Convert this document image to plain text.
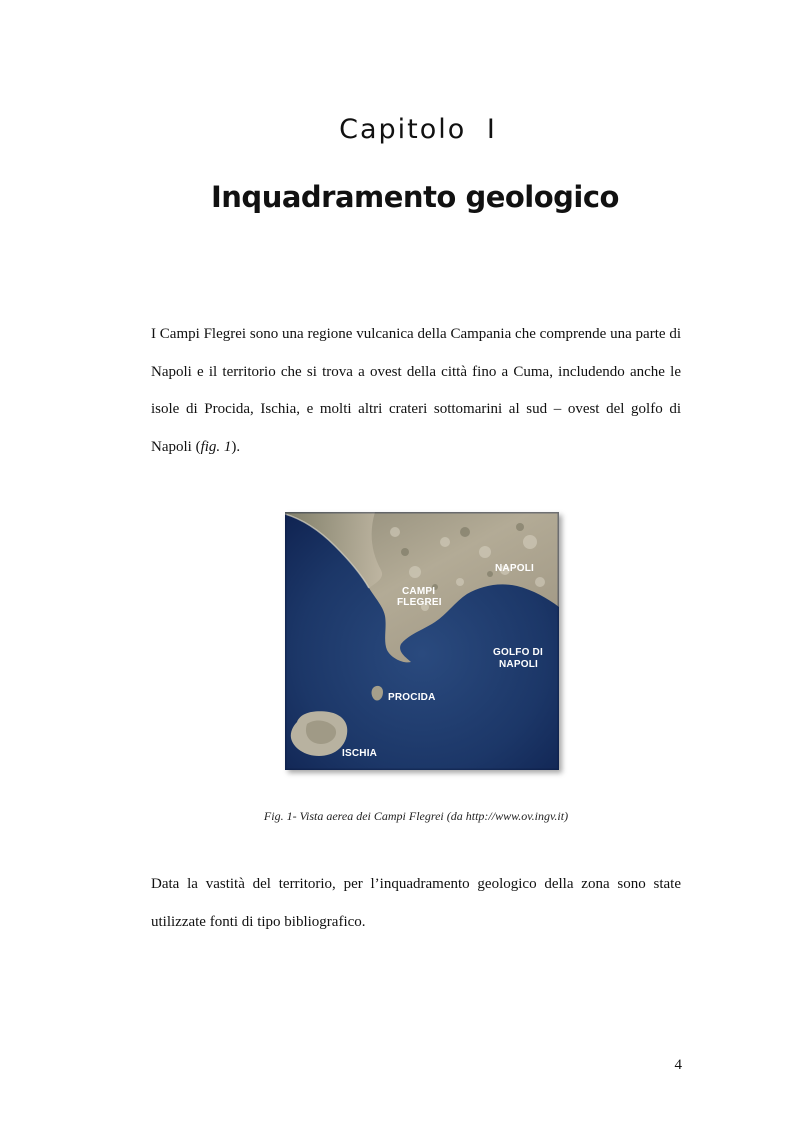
Capitolo I
Inquadramento geologico

I Campi Flegrei sono una regione vulcanica della Campania che comprende una parte di Napoli e il territorio che si trova a ovest della città fino a Cuma, includendo anche le isole di Procida, Ischia, e molti altri crateri sottomarini al sud – ovest del golfo di Napoli (fig. 1).

NAPOLI
CAMPI
FLEGREI
GOLFO DI
NAPOLI
PROCIDA
ISCHIA
Fig. 1- Vista aerea dei Campi Flegrei (da http://www.ov.ingv.it)

Data la vastità del territorio, per l’inquadramento geologico della zona sono state utilizzate fonti di tipo bibliografico.

4
